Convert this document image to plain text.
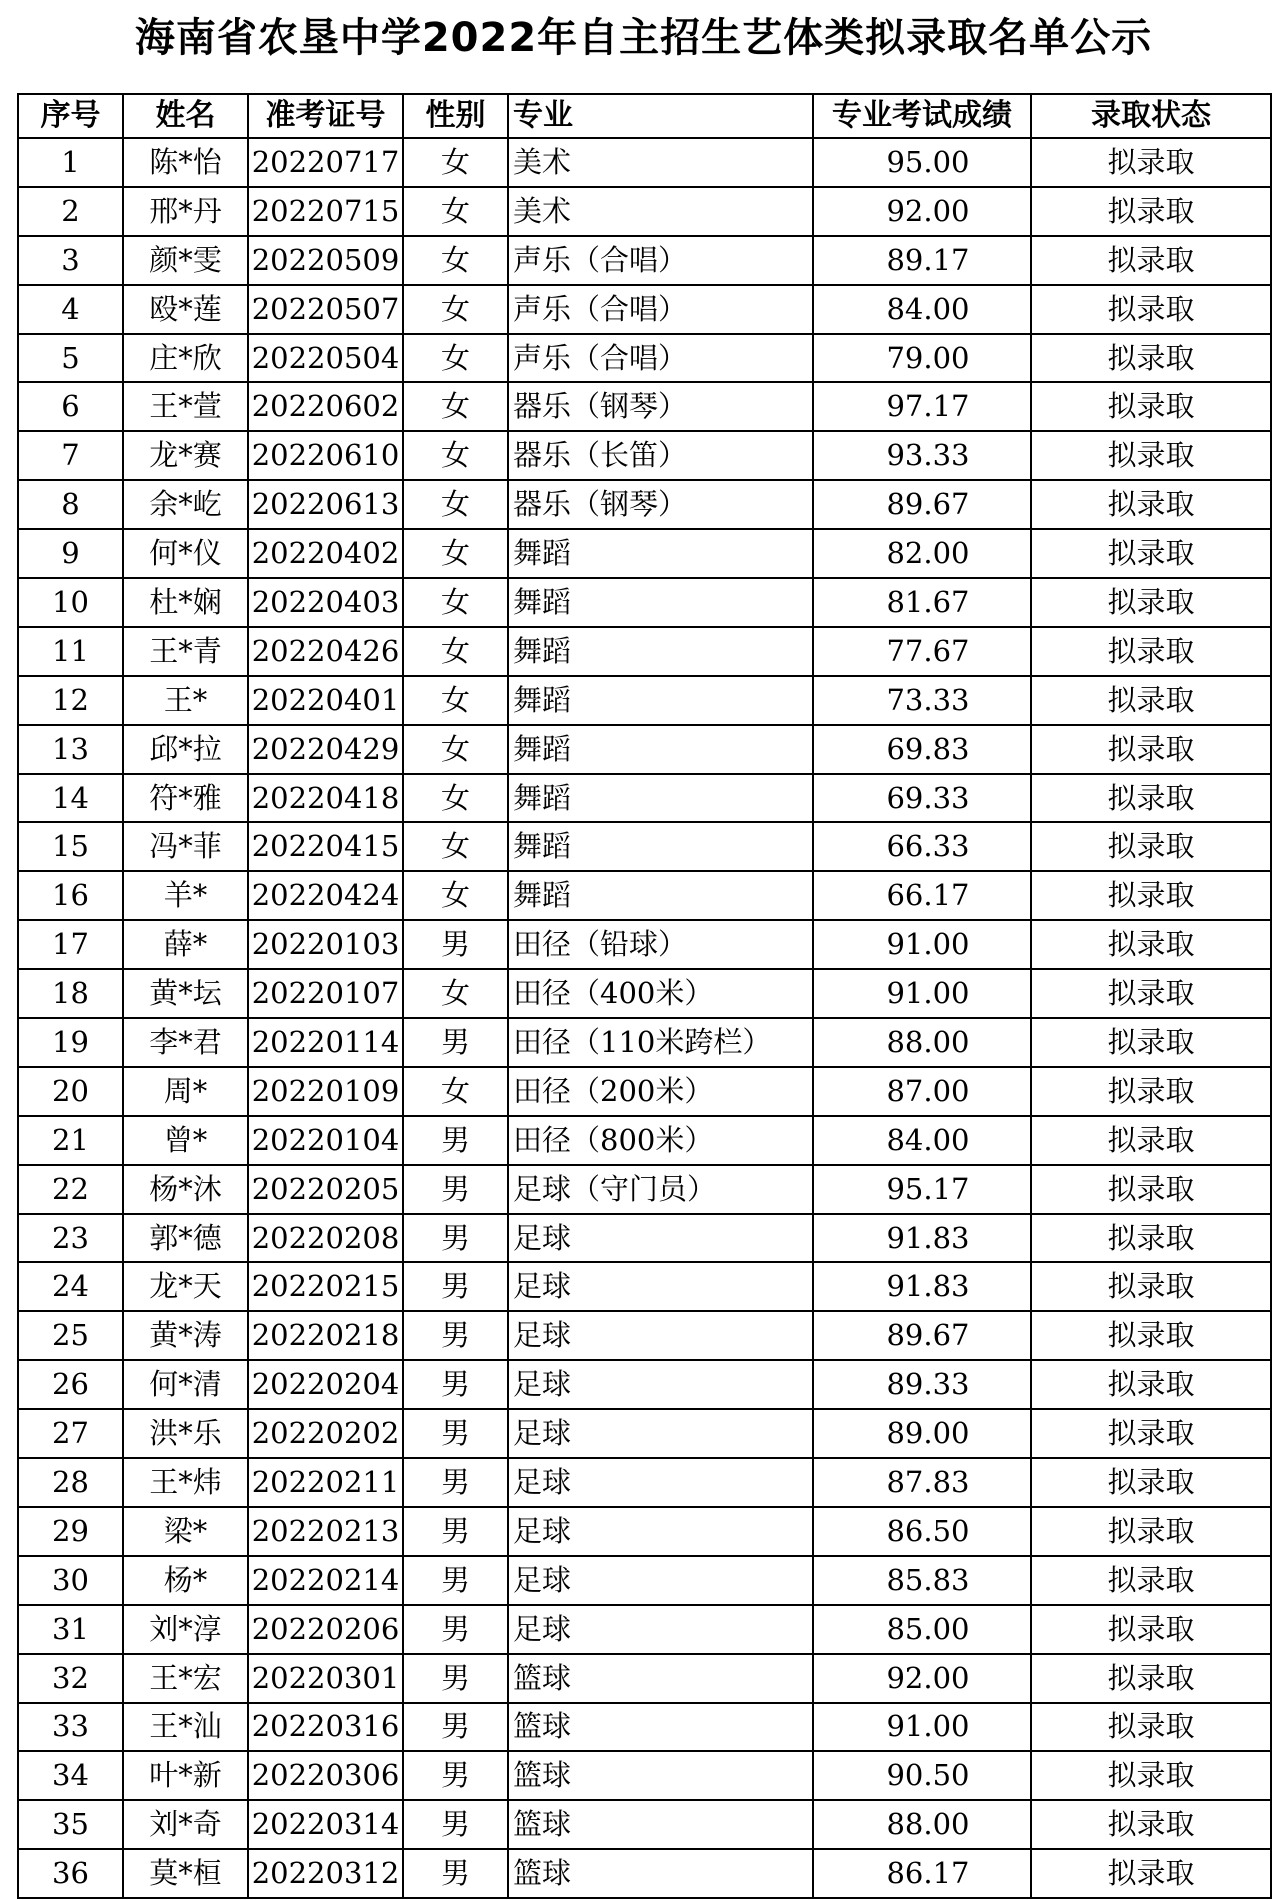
海南省农垦中学2022年自主招生艺体类拟录取名单公示
序号	姓名	准考证号	性别	专业	专业考试成绩	录取状态
1	陈*怡	20220717	女	美术	95.00	拟录取
2	邢*丹	20220715	女	美术	92.00	拟录取
3	颜*雯	20220509	女	声乐（合唱）	89.17	拟录取
4	殴*莲	20220507	女	声乐（合唱）	84.00	拟录取
5	庄*欣	20220504	女	声乐（合唱）	79.00	拟录取
6	王*萱	20220602	女	器乐（钢琴）	97.17	拟录取
7	龙*赛	20220610	女	器乐（长笛）	93.33	拟录取
8	余*屹	20220613	女	器乐（钢琴）	89.67	拟录取
9	何*仪	20220402	女	舞蹈	82.00	拟录取
10	杜*娴	20220403	女	舞蹈	81.67	拟录取
11	王*青	20220426	女	舞蹈	77.67	拟录取
12	王*	20220401	女	舞蹈	73.33	拟录取
13	邱*拉	20220429	女	舞蹈	69.83	拟录取
14	符*雅	20220418	女	舞蹈	69.33	拟录取
15	冯*菲	20220415	女	舞蹈	66.33	拟录取
16	羊*	20220424	女	舞蹈	66.17	拟录取
17	薛*	20220103	男	田径（铅球）	91.00	拟录取
18	黄*坛	20220107	女	田径（400米）	91.00	拟录取
19	李*君	20220114	男	田径（110米跨栏）	88.00	拟录取
20	周*	20220109	女	田径（200米）	87.00	拟录取
21	曾*	20220104	男	田径（800米）	84.00	拟录取
22	杨*沐	20220205	男	足球（守门员）	95.17	拟录取
23	郭*德	20220208	男	足球	91.83	拟录取
24	龙*天	20220215	男	足球	91.83	拟录取
25	黄*涛	20220218	男	足球	89.67	拟录取
26	何*清	20220204	男	足球	89.33	拟录取
27	洪*乐	20220202	男	足球	89.00	拟录取
28	王*炜	20220211	男	足球	87.83	拟录取
29	梁*	20220213	男	足球	86.50	拟录取
30	杨*	20220214	男	足球	85.83	拟录取
31	刘*淳	20220206	男	足球	85.00	拟录取
32	王*宏	20220301	男	篮球	92.00	拟录取
33	王*汕	20220316	男	篮球	91.00	拟录取
34	叶*新	20220306	男	篮球	90.50	拟录取
35	刘*奇	20220314	男	篮球	88.00	拟录取
36	莫*桓	20220312	男	篮球	86.17	拟录取
